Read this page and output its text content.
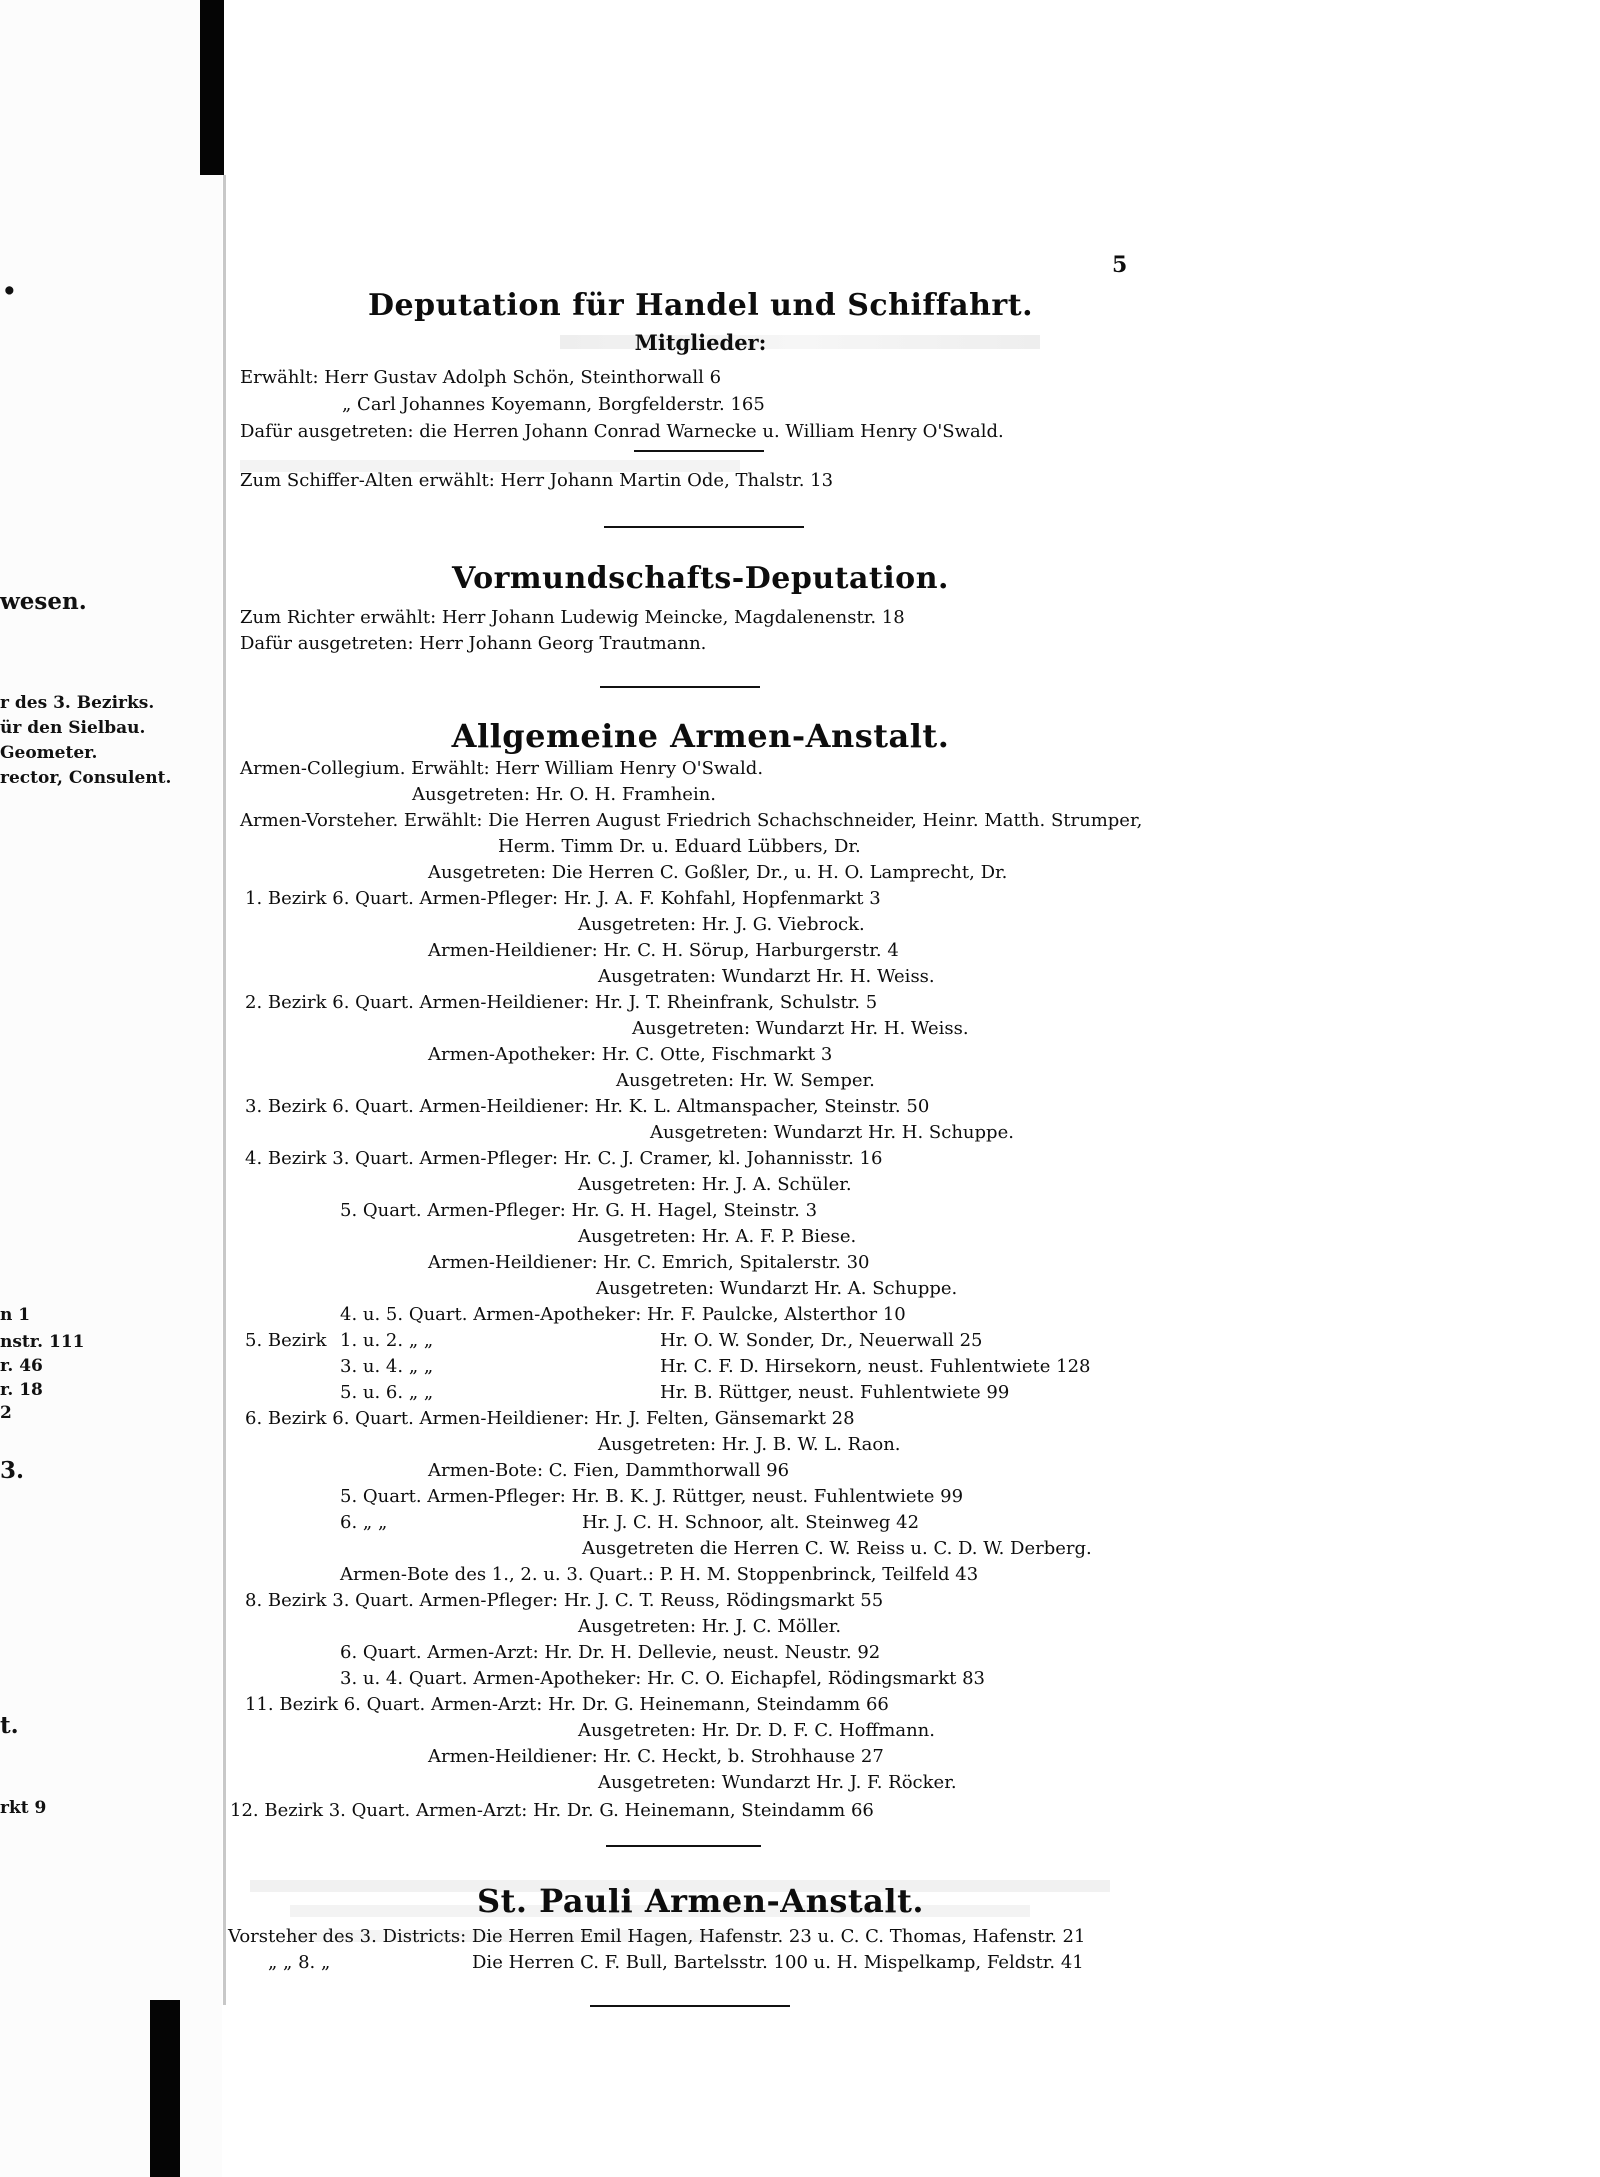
•
wesen.
r des 3. Bezirks.
ür den Sielbau.
Geometer.
rector, Consulent.
n 1
nstr. 111
r. 46
r. 18
2
3.
t.
rkt 9
5
Deputation für Handel und Schiffahrt.
Mitglieder:
Erwählt: Herr Gustav Adolph Schön, Steinthorwall 6
„ Carl Johannes Koyemann, Borgfelderstr. 165
Dafür ausgetreten: die Herren Johann Conrad Warnecke u. William Henry O'Swald.
Zum Schiffer-Alten erwählt: Herr Johann Martin Ode, Thalstr. 13
Vormundschafts-Deputation.
Zum Richter erwählt: Herr Johann Ludewig Meincke, Magdalenenstr. 18
Dafür ausgetreten: Herr Johann Georg Trautmann.
Allgemeine Armen-Anstalt.
Armen-Collegium. Erwählt: Herr William Henry O'Swald.
Ausgetreten: Hr. O. H. Framhein.
Armen-Vorsteher. Erwählt: Die Herren August Friedrich Schachschneider, Heinr. Matth. Strumper,
Herm. Timm Dr. u. Eduard Lübbers, Dr.
Ausgetreten: Die Herren C. Goßler, Dr., u. H. O. Lamprecht, Dr.
1. Bezirk 6. Quart. Armen-Pfleger: Hr. J. A. F. Kohfahl, Hopfenmarkt 3
Ausgetreten: Hr. J. G. Viebrock.
Armen-Heildiener: Hr. C. H. Sörup, Harburgerstr. 4
Ausgetraten: Wundarzt Hr. H. Weiss.
2. Bezirk 6. Quart. Armen-Heildiener: Hr. J. T. Rheinfrank, Schulstr. 5
Ausgetreten: Wundarzt Hr. H. Weiss.
Armen-Apotheker: Hr. C. Otte, Fischmarkt 3
Ausgetreten: Hr. W. Semper.
3. Bezirk 6. Quart. Armen-Heildiener: Hr. K. L. Altmanspacher, Steinstr. 50
Ausgetreten: Wundarzt Hr. H. Schuppe.
4. Bezirk 3. Quart. Armen-Pfleger: Hr. C. J. Cramer, kl. Johannisstr. 16
Ausgetreten: Hr. J. A. Schüler.
5. Quart. Armen-Pfleger: Hr. G. H. Hagel, Steinstr. 3
Ausgetreten: Hr. A. F. P. Biese.
Armen-Heildiener: Hr. C. Emrich, Spitalerstr. 30
Ausgetreten: Wundarzt Hr. A. Schuppe.
4. u. 5. Quart. Armen-Apotheker: Hr. F. Paulcke, Alsterthor 10
5. Bezirk 1. u. 2. „ „	Hr. O. W. Sonder, Dr., Neuerwall 25
3. u. 4. „ „	Hr. C. F. D. Hirsekorn, neust. Fuhlentwiete 128
5. u. 6. „ „	Hr. B. Rüttger, neust. Fuhlentwiete 99
6. Bezirk 6. Quart. Armen-Heildiener: Hr. J. Felten, Gänsemarkt 28
Ausgetreten: Hr. J. B. W. L. Raon.
Armen-Bote: C. Fien, Dammthorwall 96
5. Quart. Armen-Pfleger: Hr. B. K. J. Rüttger, neust. Fuhlentwiete 99
6. „ „	Hr. J. C. H. Schnoor, alt. Steinweg 42
Ausgetreten die Herren C. W. Reiss u. C. D. W. Derberg.
Armen-Bote des 1., 2. u. 3. Quart.: P. H. M. Stoppenbrinck, Teilfeld 43
8. Bezirk 3. Quart. Armen-Pfleger: Hr. J. C. T. Reuss, Rödingsmarkt 55
Ausgetreten: Hr. J. C. Möller.
6. Quart. Armen-Arzt: Hr. Dr. H. Dellevie, neust. Neustr. 92
3. u. 4. Quart. Armen-Apotheker: Hr. C. O. Eichapfel, Rödingsmarkt 83
11. Bezirk 6. Quart. Armen-Arzt: Hr. Dr. G. Heinemann, Steindamm 66
Ausgetreten: Hr. Dr. D. F. C. Hoffmann.
Armen-Heildiener: Hr. C. Heckt, b. Strohhause 27
Ausgetreten: Wundarzt Hr. J. F. Röcker.
12. Bezirk 3. Quart. Armen-Arzt: Hr. Dr. G. Heinemann, Steindamm 66
St. Pauli Armen-Anstalt.
Vorsteher des 3. Districts: Die Herren Emil Hagen, Hafenstr. 23 u. C. C. Thomas, Hafenstr. 21
„ „ 8. „	Die Herren C. F. Bull, Bartelsstr. 100 u. H. Mispelkamp, Feldstr. 41
